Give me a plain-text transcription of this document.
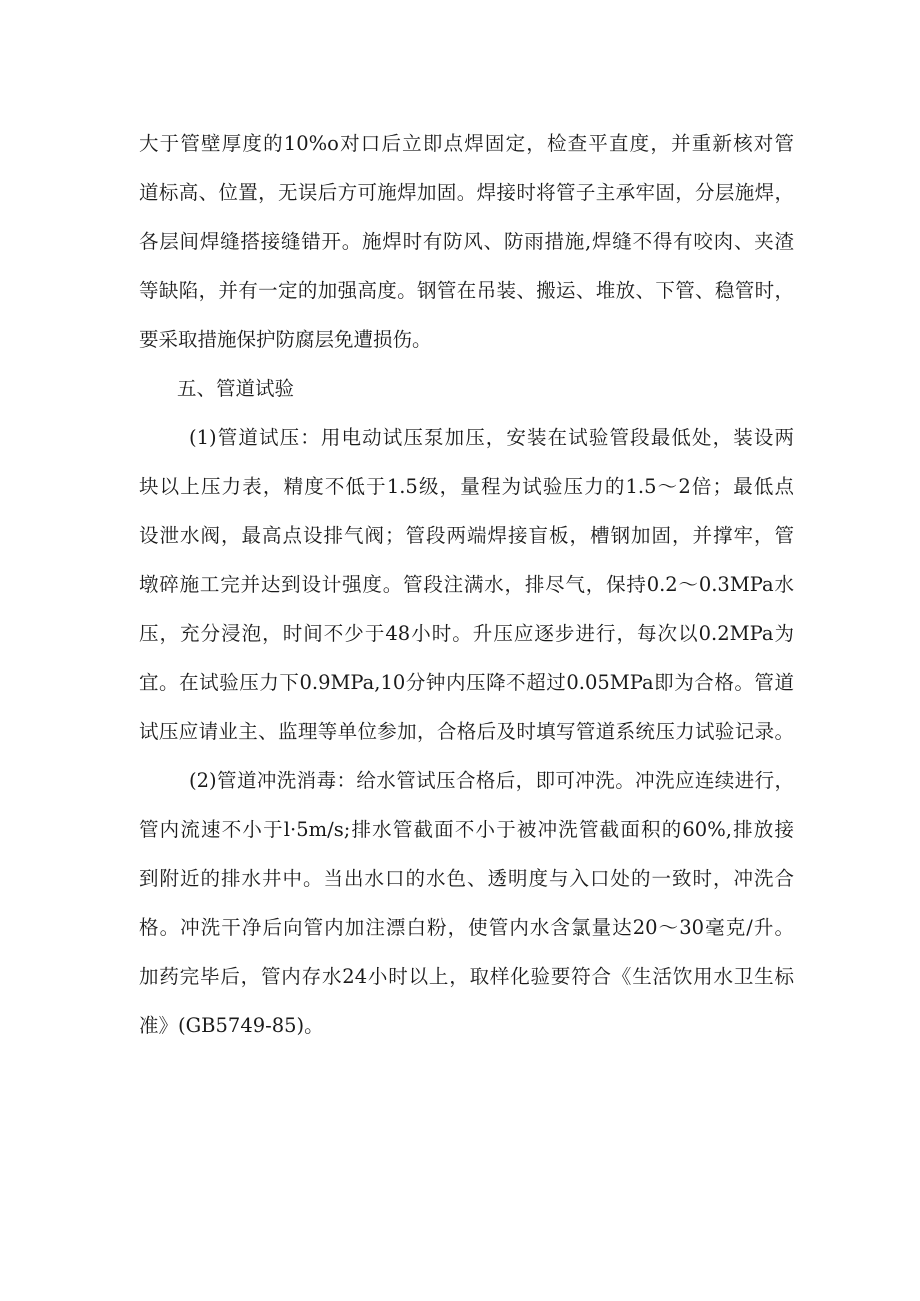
大于管壁厚度的10%o对口后立即点焊固定，检查平直度，并重新核对管

道标高、位置，无误后方可施焊加固。焊接时将管子主承牢固，分层施焊，

各层间焊缝搭接缝错开。施焊时有防风、防雨措施,焊缝不得有咬肉、夹渣

等缺陷，并有一定的加强高度。钢管在吊装、搬运、堆放、下管、稳管时，

要采取措施保护防腐层免遭损伤。

五、管道试验

(1)管道试压：用电动试压泵加压，安装在试验管段最低处，装设两

块以上压力表，精度不低于1.5级，量程为试验压力的1.5～2倍；最低点

设泄水阀，最高点设排气阀；管段两端焊接盲板，槽钢加固，并撑牢，管

墩碎施工完并达到设计强度。管段注满水，排尽气，保持0.2～0.3MPa水

压，充分浸泡，时间不少于48小时。升压应逐步进行，每次以0.2MPa为

宜。在试验压力下0.9MPa,10分钟内压降不超过0.05MPa即为合格。管道

试压应请业主、监理等单位参加，合格后及时填写管道系统压力试验记录。

(2)管道冲洗消毒：给水管试压合格后，即可冲洗。冲洗应连续进行，

管内流速不小于l·5m∕s;排水管截面不小于被冲洗管截面积的60%,排放接

到附近的排水井中。当出水口的水色、透明度与入口处的一致时，冲洗合

格。冲洗干净后向管内加注漂白粉，使管内水含氯量达20～30毫克/升。

加药完毕后，管内存水24小时以上，取样化验要符合《生活饮用水卫生标

准》(GB5749-85)。
